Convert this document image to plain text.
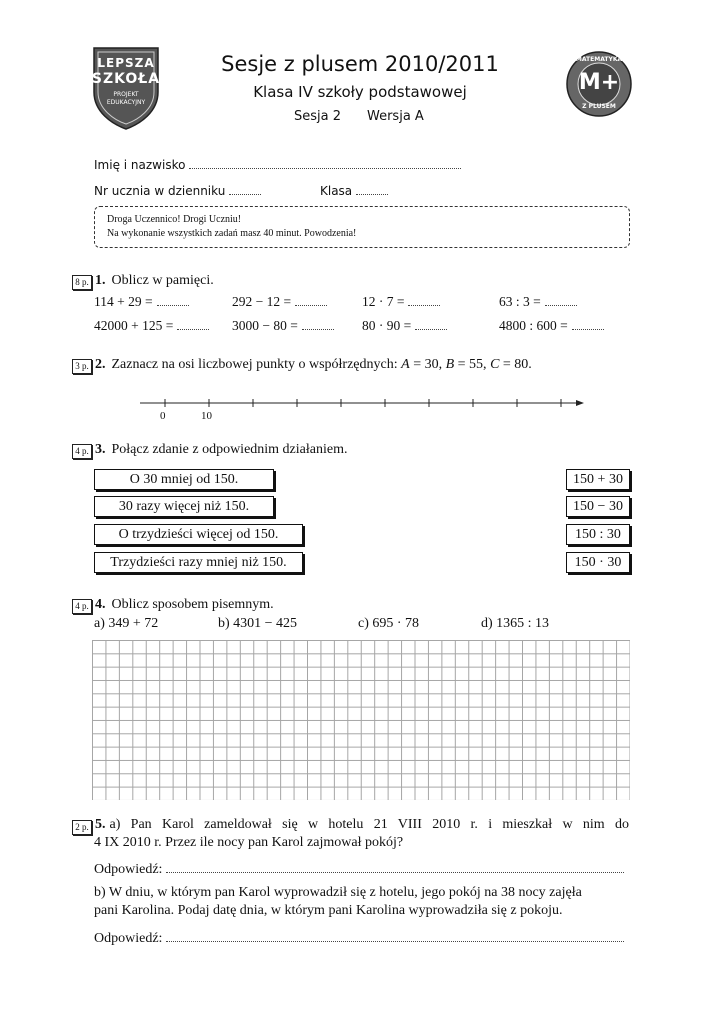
LEPSZA
SZKOŁA
PROJEKT
EDUKACYJNY
Sesje z plusem 2010/2011
Klasa IV szkoły podstawowej
Sesja 2 Wersja A
MATEMATYKA
M+
Z PLUSEM
Imię i nazwisko
Nr ucznia w dzienniku	Klasa
Droga Uczennico! Drogi Uczniu!
Na wykonanie wszystkich zadań masz 40 minut. Powodzenia!
8 p. 1. Oblicz w pamięci.
114 + 29 =	292 − 12 =	12 · 7 =	63 : 3 =
42000 + 125 =	3000 − 80 =	80 · 90 =	4800 : 600 =
3 p. 2. Zaznacz na osi liczbowej punkty o współrzędnych: A = 30, B = 55, C = 80.
0	10
4 p. 3. Połącz zdanie z odpowiednim działaniem.
O 30 mniej od 150.
30 razy więcej niż 150.
O trzydzieści więcej od 150.
Trzydzieści razy mniej niż 150.
150 + 30
150 − 30
150 : 30
150 · 30
4 p. 4. Oblicz sposobem pisemnym.
a) 349 + 72	b) 4301 − 425	c) 695 · 78	d) 1365 : 13
2 p. 5. a) Pan Karol zameldował się w hotelu 21 VIII 2010 r. i mieszkał w nim do
4 IX 2010 r. Przez ile nocy pan Karol zajmował pokój?
Odpowiedź:
b) W dniu, w którym pan Karol wyprowadził się z hotelu, jego pokój na 38 nocy zajęła
pani Karolina. Podaj datę dnia, w którym pani Karolina wyprowadziła się z pokoju.
Odpowiedź:
